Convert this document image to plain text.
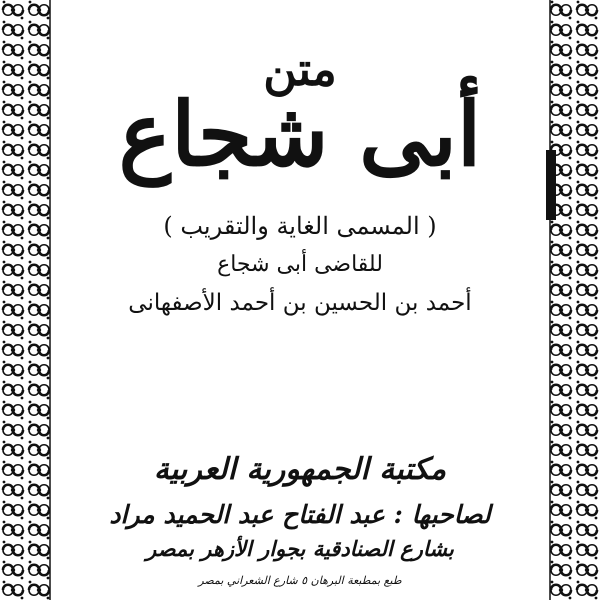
متن
أبى شجاع
( المسمى الغاية والتقريب )
للقاضى أبى شجاع
أحمد بن الحسين بن أحمد الأصفهانى
مكتبة الجمهورية العربية
لصاحبها : عبد الفتاح عبد الحميد مراد
بشارع الصنادقية بجوار الأزهر بمصر
طبع بمطبعة البرهان ٥ شارع الشعراني بمصر
